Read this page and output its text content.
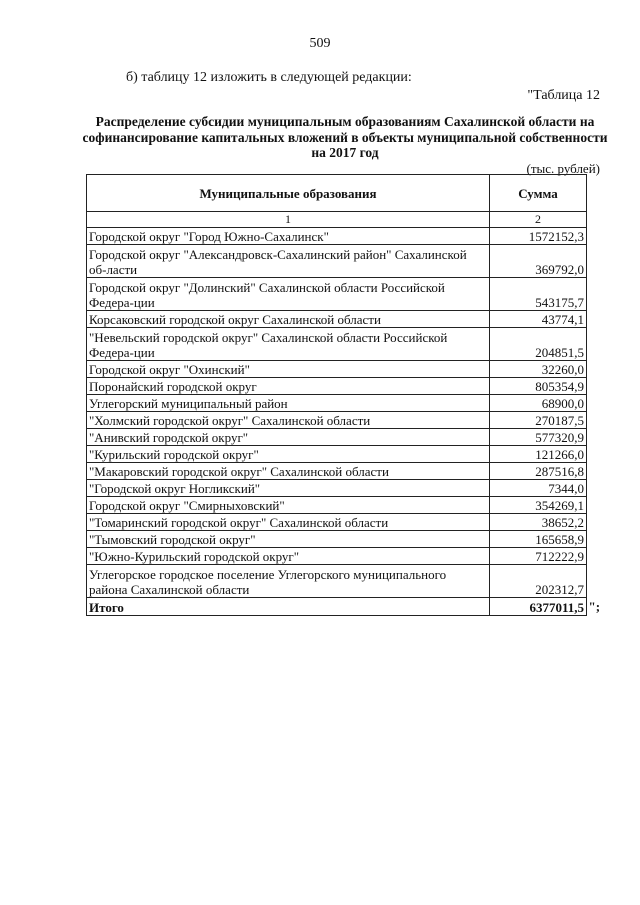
509
б) таблицу 12 изложить в следующей редакции:
"Таблица 12
Распределение субсидии муниципальным образованиям Сахалинской области на софинансирование капитальных вложений в объекты муниципальной собственности на 2017 год
(тыс. рублей)
Муниципальные образования	Сумма
1	2
Городской округ "Город Южно-Сахалинск"	1572152,3
Городской округ "Александровск-Сахалинский район" Сахалинской об-ласти	369792,0
Городской округ "Долинский" Сахалинской области Российской Федера-ции	543175,7
Корсаковский городской округ Сахалинской области	43774,1
"Невельский городской округ" Сахалинской области Российской Федера-ции	204851,5
Городской округ "Охинский"	32260,0
Поронайский городской округ	805354,9
Углегорский муниципальный район	68900,0
"Холмский городской округ" Сахалинской области	270187,5
"Анивский городской округ"	577320,9
"Курильский городской округ"	121266,0
"Макаровский городской округ" Сахалинской области	287516,8
"Городской округ Ногликский"	7344,0
Городской округ "Смирныховский"	354269,1
"Томаринский городской округ" Сахалинской области	38652,2
"Тымовский городской округ"	165658,9
"Южно-Курильский городской округ"	712222,9
Углегорское городское поселение Углегорского муниципального района Сахалинской области	202312,7
Итого	6377011,5 ";
